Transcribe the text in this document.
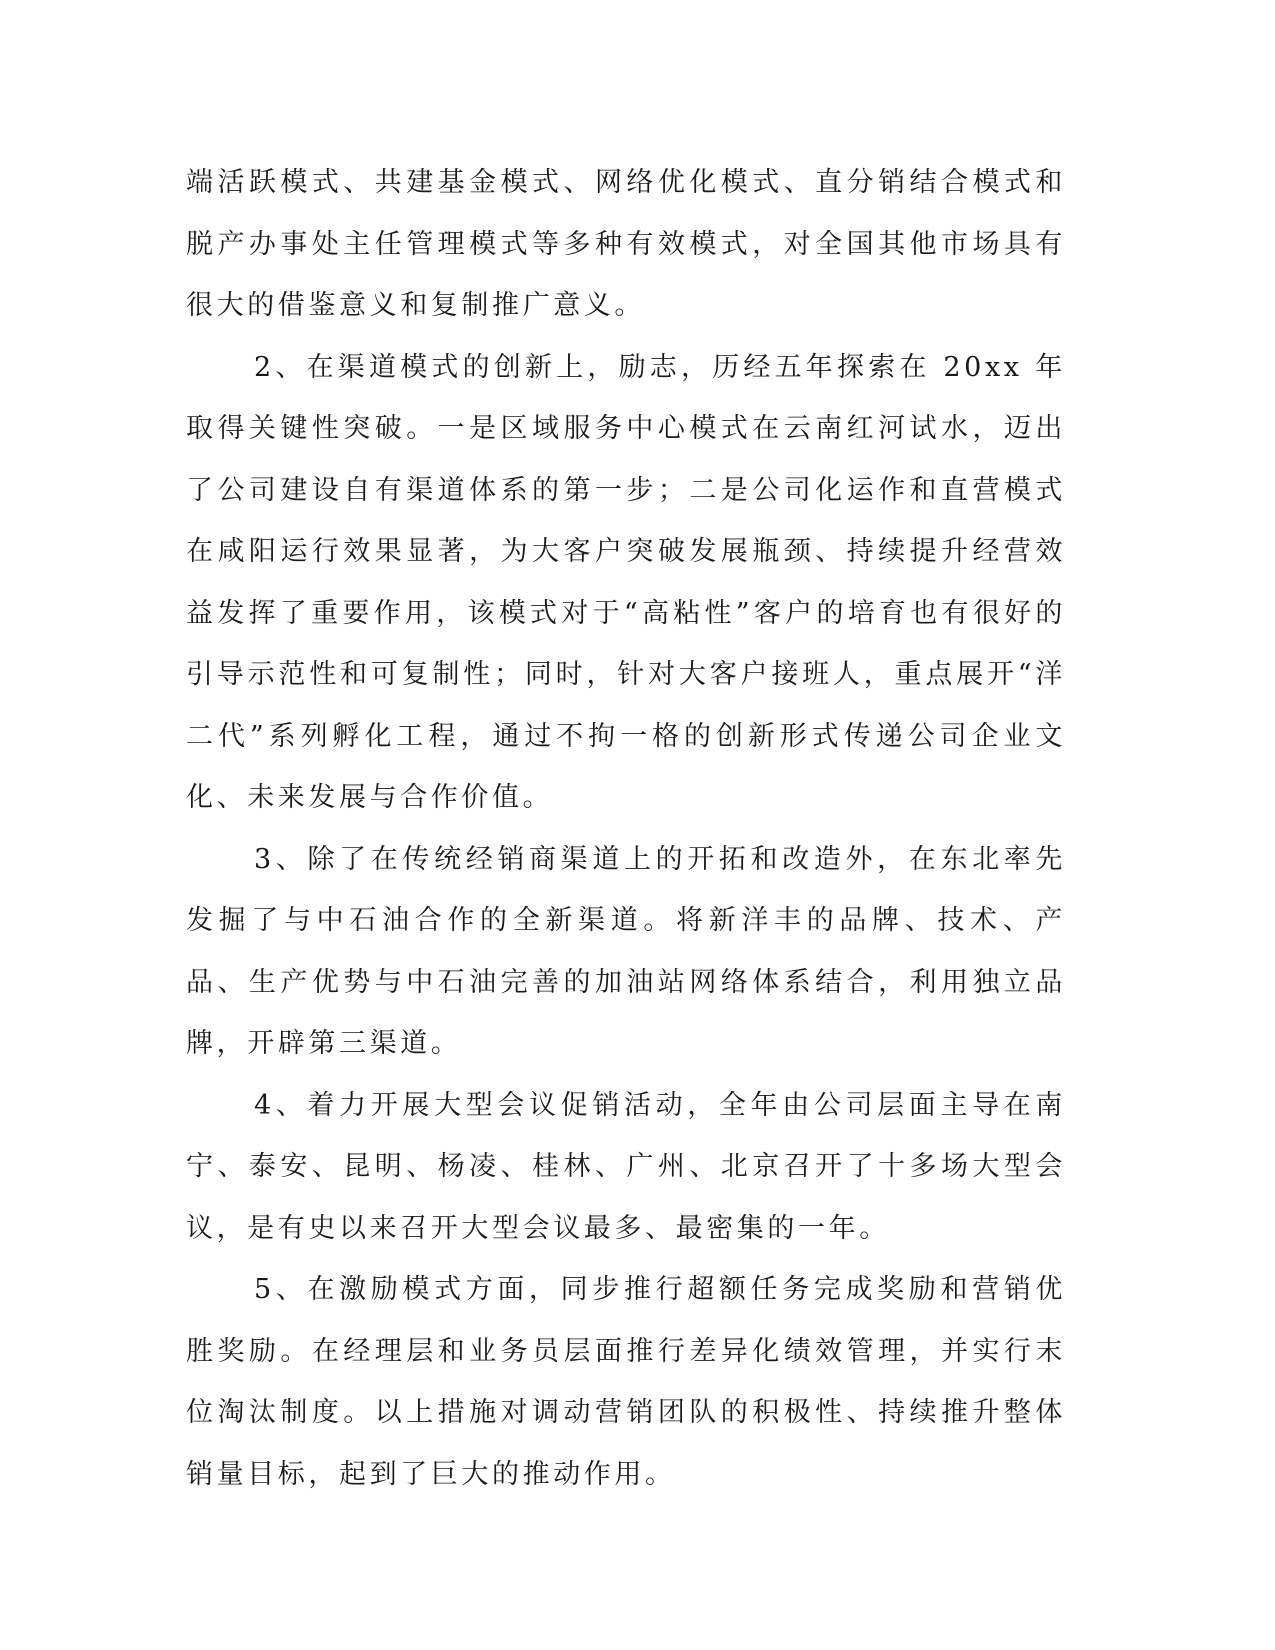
端活跃模式、共建基金模式、网络优化模式、直分销结合模式和脱产办事处主任管理模式等多种有效模式，对全国其他市场具有很大的借鉴意义和复制推广意义。

2、在渠道模式的创新上，励志，历经五年探索在 20xx 年取得关键性突破。一是区域服务中心模式在云南红河试水，迈出了公司建设自有渠道体系的第一步；二是公司化运作和直营模式在咸阳运行效果显著，为大客户突破发展瓶颈、持续提升经营效益发挥了重要作用，该模式对于“高粘性”客户的培育也有很好的引导示范性和可复制性；同时，针对大客户接班人，重点展开“洋二代”系列孵化工程，通过不拘一格的创新形式传递公司企业文化、未来发展与合作价值。

3、除了在传统经销商渠道上的开拓和改造外，在东北率先发掘了与中石油合作的全新渠道。将新洋丰的品牌、技术、产品、生产优势与中石油完善的加油站网络体系结合，利用独立品牌，开辟第三渠道。

4、着力开展大型会议促销活动，全年由公司层面主导在南宁、泰安、昆明、杨凌、桂林、广州、北京召开了十多场大型会议，是有史以来召开大型会议最多、最密集的一年。

5、在激励模式方面，同步推行超额任务完成奖励和营销优胜奖励。在经理层和业务员层面推行差异化绩效管理，并实行末位淘汰制度。以上措施对调动营销团队的积极性、持续推升整体销量目标，起到了巨大的推动作用。
